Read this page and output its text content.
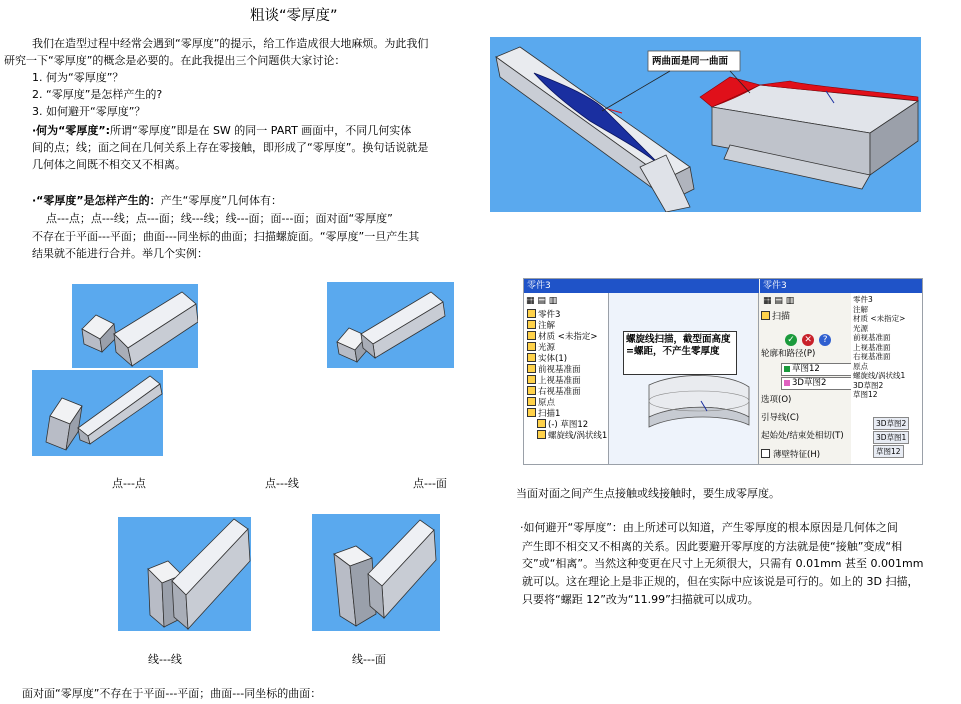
粗谈“零厚度”
我们在造型过程中经常会遇到“零厚度”的提示，给工作造成很大地麻烦。为此我们
研究一下“零厚度”的概念是必要的。在此我提出三个问题供大家讨论：
1. 何为“零厚度”？
2. “零厚度”是怎样产生的?
3. 如何避开“零厚度”？
·何为“零厚度”:所谓“零厚度”即是在 SW 的同一 PART 画面中，不同几何实体
间的点；线；面之间在几何关系上存在零接触，即形成了“零厚度”。换句话说就是
几何体之间既不相交又不相离。
·“零厚度”是怎样产生的：产生“零厚度”几何体有：
点---点；点---线；点---面；线---线；线---面；面---面；面对面“零厚度”
不存在于平面---平面；曲面---同坐标的曲面；扫描螺旋面。“零厚度”一旦产生其
结果就不能进行合并。举几个实例：
点---点	点---线	点---面
线---线	线---面
面对面“零厚度”不存在于平面---平面；曲面---同坐标的曲面：
两曲面是同一曲面
零件3	零件3
▦ ▤ ▥
零件3
注解
材质 <未指定>
光源
实体(1)
前视基准面
上视基准面
右视基准面
原点
扫描1
(-) 草图12
螺旋线/涡状线1
螺旋线扫描，截型面高度=螺距，不产生零厚度
▦ ▤ ▥
扫描
✓ ✕ ?
轮廓和路径(P)
草图12
3D草图2
选项(O)
引导线(C)
起始处/结束处相切(T)
薄壁特征(H)
零件3
注解
材质 <未指定>
光源
前视基准面
上视基准面
右视基准面
原点
螺旋线/涡状线1
3D草图2
草图12
3D草图2
3D草图1
草图12
当面对面之间产生点接触或线接触时，要生成零厚度。
·如何避开“零厚度”：由上所述可以知道，产生零厚度的根本原因是几何体之间
产生即不相交又不相离的关系。因此要避开零厚度的方法就是使“接触”变成“相
交”或“相离”。当然这种变更在尺寸上无须很大，只需有 0.01mm 甚至 0.001mm
就可以。这在理论上是非正规的，但在实际中应该说是可行的。如上的 3D 扫描，
只要将“螺距 12”改为“11.99”扫描就可以成功。
